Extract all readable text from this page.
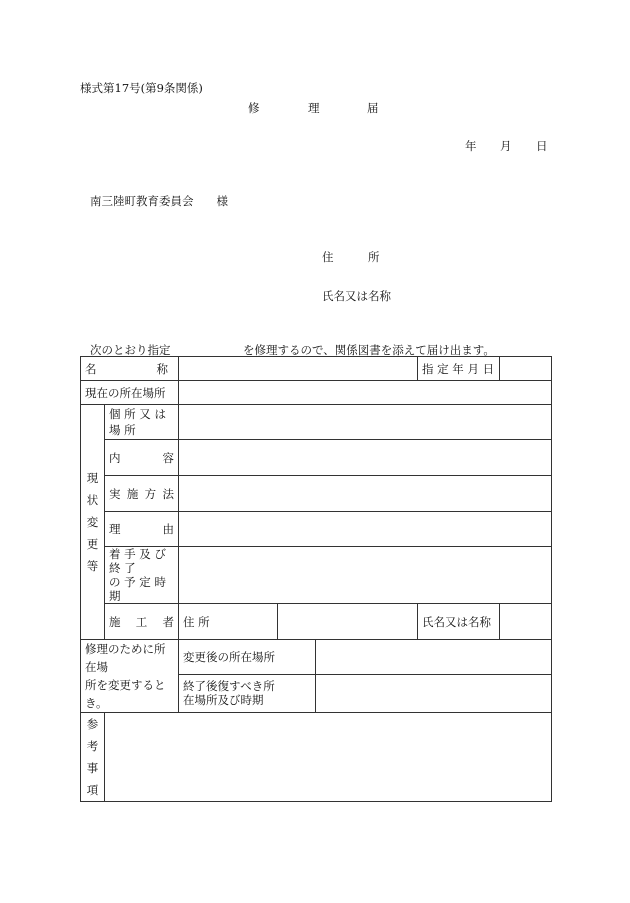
様式第17号(第9条関係)
修	理	届
年 月 日
南三陸町教育委員会　　様
住　　　所
氏名又は名称
次のとおり指定	を修理するので、関係図書を添えて届け出ます。
名 称					指 定 年 月 日	
現在の所在場所						
現
状
変
更
等	個 所 又 は 場 所					

	内 容					

	実 施 方 法					

	理 由					

	着 手 及 び 終 了
の 予 定 時 期					

	施 工 者	住 所			氏名又は名称	
修理のために所在場
所を変更するとき。		変更後の所在場所				
		終了後復すべき所
在場所及び時期				
参
考
事
項						
